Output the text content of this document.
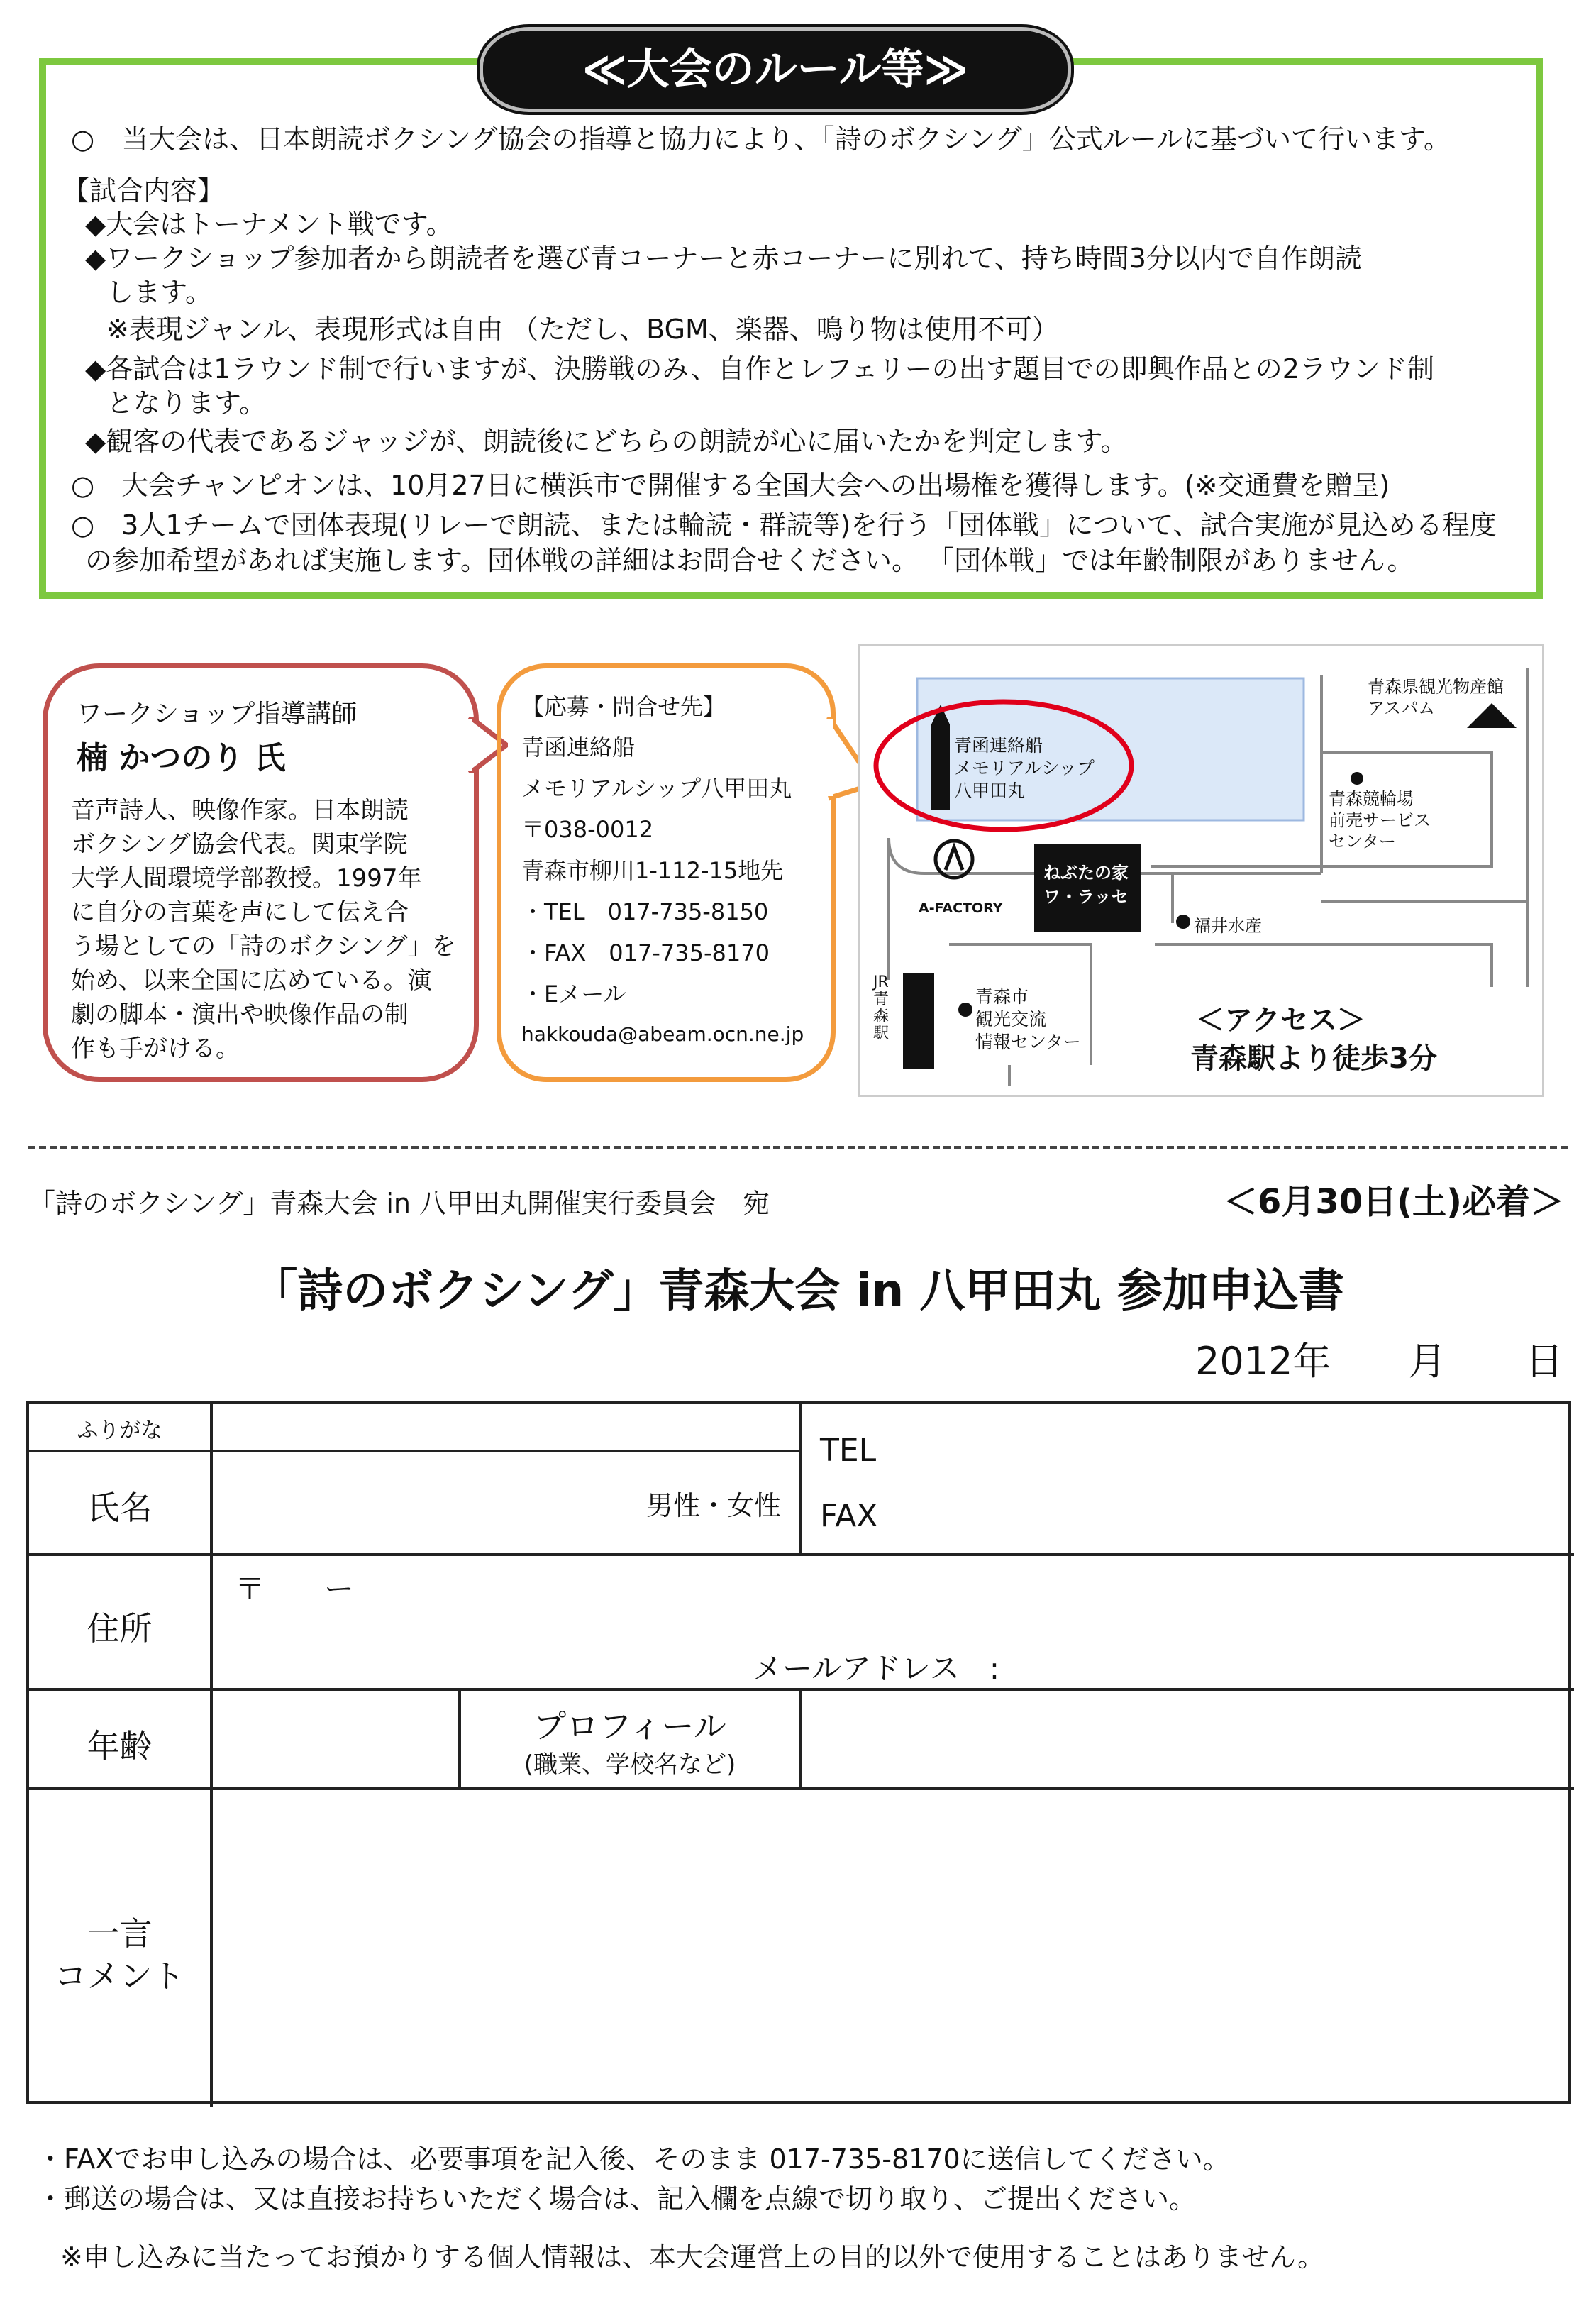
≪大会のルール等≫
○　当大会は、日本朗読ボクシング協会の指導と協力により、「詩のボクシング」公式ルールに基づいて行います。
【試合内容】
◆大会はトーナメント戦です。
◆ワークショップ参加者から朗読者を選び青コーナーと赤コーナーに別れて、持ち時間3分以内で自作朗読
します。
※表現ジャンル、表現形式は自由 （ただし、BGM、楽器、鳴り物は使用不可）
◆各試合は1ラウンド制で行いますが、決勝戦のみ、自作とレフェリーの出す題目での即興作品との2ラウンド制
となります。
◆観客の代表であるジャッジが、朗読後にどちらの朗読が心に届いたかを判定します。
○　大会チャンピオンは、10月27日に横浜市で開催する全国大会への出場権を獲得します。(※交通費を贈呈)
○　3人1チームで団体表現(リレーで朗読、または輪読・群読等)を行う「団体戦」について、試合実施が見込める程度
の参加希望があれば実施します。団体戦の詳細はお問合せください。 「団体戦」では年齢制限がありません。
ワークショップ指導講師
楠 かつのり 氏
音声詩人、映像作家。日本朗読
ボクシング協会代表。関東学院
大学人間環境学部教授。1997年
に自分の言葉を声にして伝え合
う場としての「詩のボクシング」を
始め、以来全国に広めている。演
劇の脚本・演出や映像作品の制
作も手がける。
【応募・問合せ先】
青函連絡船
メモリアルシップ八甲田丸
〒038-0012
青森市柳川1-112-15地先
・TEL　017-735-8150
・FAX　017-735-8170
・Eメール
hakkouda@abeam.ocn.ne.jp
青函連絡船
メモリアルシップ
八甲田丸
青森県観光物産館
アスパム
青森競輪場
前売サービス
センター
A-FACTORY
ねぶたの家
ワ・ラッセ
福井水産
JR青森駅
青森市
観光交流
情報センター
＜アクセス＞
青森駅より徒歩3分
「詩のボクシング」青森大会 in 八甲田丸開催実行委員会　宛	＜6月30日(土)必着＞
「詩のボクシング」青森大会 in 八甲田丸 参加申込書
2012年 月 日
ふりがな
氏名	男性・女性
TEL
FAX
住所
〒　　ー
メールアドレス　:
年齢
プロフィール
(職業、学校名など)
一言
コメント
・FAXでお申し込みの場合は、必要事項を記入後、そのまま 017-735-8170に送信してください。
・郵送の場合は、又は直接お持ちいただく場合は、記入欄を点線で切り取り、ご提出ください。
※申し込みに当たってお預かりする個人情報は、本大会運営上の目的以外で使用することはありません。
